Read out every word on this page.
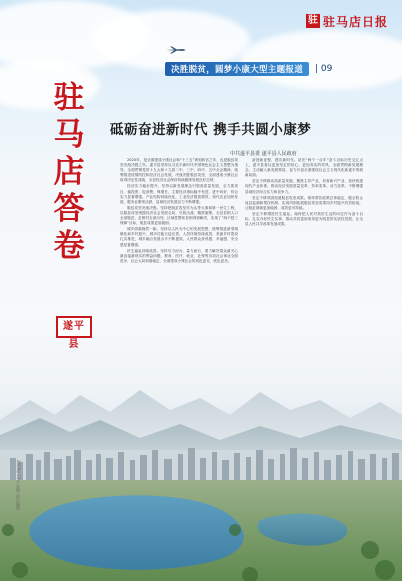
驻 驻马店日报
决胜脱贫，圆梦小康大型主题报道	| 09
驻
马
店
答
卷
遂平县
砥砺奋进新时代 携手共圆小康梦
中共遂平县委 遂平县人民政府

2020年，是全面建成小康社会和“十三五”规划收官之年，也是脱贫攻坚决战决胜之年。遂平县坚持以习近平新时代中国特色社会主义思想为指导，全面贯彻党的十九大和十九届二中、三中、四中、五中全会精神，统筹推进疫情防控和经济社会发展，决战决胜脱贫攻坚，全面建成小康社会取得决定性成就，全县经济社会保持持续健康发展良好态势。

经济实力稳步提升。坚持以新发展理念引领高质量发展，全力抓项目、稳投资、促消费、保增长，主要经济指标稳中有进、进中向好，综合实力显著增强。产业结构持续优化，工业经济提质增效，现代农业加快发展，服务业繁荣活跃，县域经济发展活力不断增强。

脱贫攻坚决战决胜。坚持把脱贫攻坚作为头等大事和第一民生工程，以脱贫攻坚统揽经济社会发展全局，尽锐出战、精准施策，全县贫困人口全部脱贫，贫困村全部出列，区域性整体贫困得到解决，实现了“两不愁三保障”目标，脱贫成果更加稳固。

城乡面貌焕然一新。坚持以人民为中心的发展思想，统筹推进新型城镇化和乡村振兴，城市功能日趋完善，人居环境持续改善，美丽乡村建设扎实推进，城乡融合发展水平不断提高，人民群众获得感、幸福感、安全感显著增强。

民生福祉持续改善。坚持尽力而为、量力而行，着力解决群众最关心最直接最现实的利益问题，教育、医疗、就业、社保等各项社会事业全面进步，社会大局和谐稳定，全面建成小康社会的成色更足、底色更亮。

奋进新征程，建功新时代。站在“两个一百年”奋斗目标历史交汇点上，遂平县将以更加坚定的信心、更加务实的作风，全面贯彻新发展理念，主动融入新发展格局，奋力开创全面建设社会主义现代化新遂平的崭新局面。

坚定不移推动高质量发展。聚焦主导产业，培育新兴产业，加快构建现代产业体系，推动经济发展质量变革、效率变革、动力变革，不断增强县域经济综合实力和竞争力。

坚定不移巩固拓展脱贫攻坚成果。保持帮扶政策总体稳定，健全防止返贫监测和帮扶机制，实现巩固拓展脱贫攻坚成果同乡村振兴有效衔接，让脱贫基础更加稳固、成效更可持续。

坚定不移增进民生福祉。始终把人民对美好生活的向往作为奋斗目标，扎实办好民生实事，推动共同富裕取得更为明显的实质性进展，让全县人民共享改革发展成果。

2020年12月 星期 责任编辑
